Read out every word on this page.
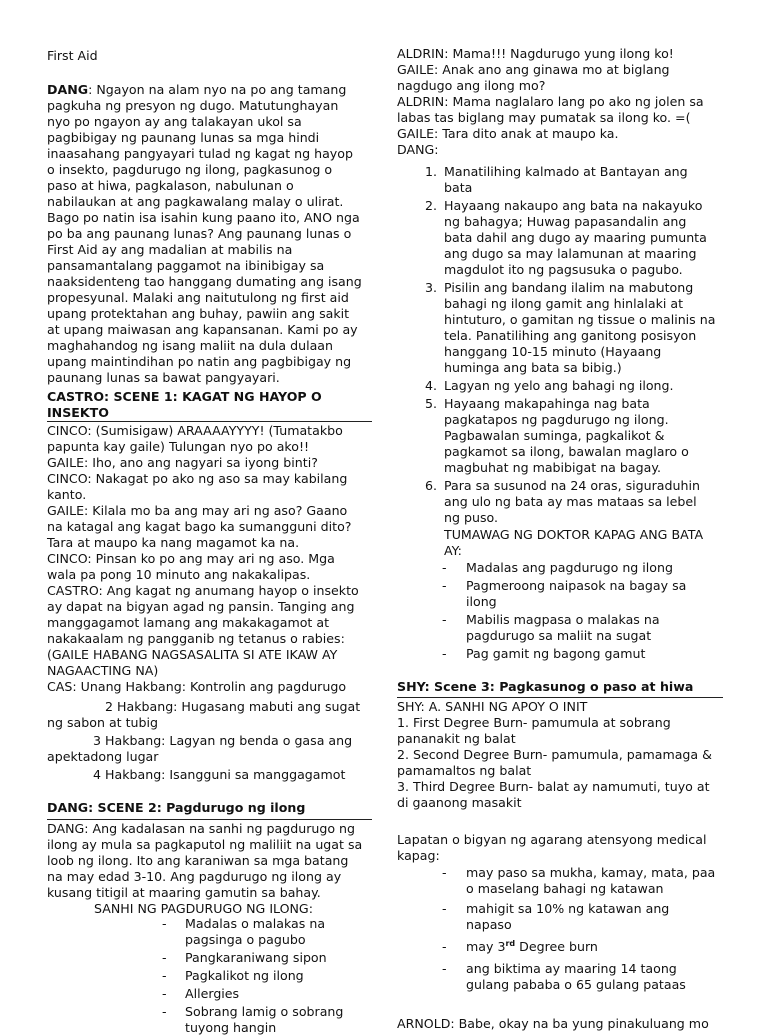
First Aid
DANG: Ngayon na alam nyo na po ang tamang
pagkuha ng presyon ng dugo. Matutunghayan
nyo po ngayon ay ang talakayan ukol sa
pagbibigay ng paunang lunas sa mga hindi
inaasahang pangyayari tulad ng kagat ng hayop
o insekto, pagdurugo ng ilong, pagkasunog o
paso at hiwa, pagkalason, nabulunan o
nabilaukan at ang pagkawalang malay o ulirat.
Bago po natin isa isahin kung paano ito, ANO nga
po ba ang paunang lunas? Ang paunang lunas o
First Aid ay ang madalian at mabilis na
pansamantalang paggamot na ibinibigay sa
naaksidenteng tao hanggang dumating ang isang
propesyunal. Malaki ang naitutulong ng first aid
upang protektahan ang buhay, pawiin ang sakit
at upang maiwasan ang kapansanan. Kami po ay
maghahandog ng isang maliit na dula dulaan
upang maintindihan po natin ang pagbibigay ng
paunang lunas sa bawat pangyayari.
CASTRO: SCENE 1: KAGAT NG HAYOP O
INSEKTO
CINCO: (Sumisigaw) ARAAAAYYYY! (Tumatakbo
papunta kay gaile) Tulungan nyo po ako!!
GAILE: Iho, ano ang nagyari sa iyong binti?
CINCO: Nakagat po ako ng aso sa may kabilang
kanto.
GAILE: Kilala mo ba ang may ari ng aso? Gaano
na katagal ang kagat bago ka sumangguni dito?
Tara at maupo ka nang magamot ka na.
CINCO: Pinsan ko po ang may ari ng aso. Mga
wala pa pong 10 minuto ang nakakalipas.
CASTRO: Ang kagat ng anumang hayop o insekto
ay dapat na bigyan agad ng pansin. Tanging ang
manggagamot lamang ang makakagamot at
nakakaalam ng pangganib ng tetanus o rabies:
(GAILE HABANG NAGSASALITA SI ATE IKAW AY
NAGAACTING NA)
CAS: Unang Hakbang: Kontrolin ang pagdurugo
2 Hakbang: Hugasang mabuti ang sugat
ng sabon at tubig
3 Hakbang: Lagyan ng benda o gasa ang
apektadong lugar
4 Hakbang: Isangguni sa manggagamot
DANG: SCENE 2: Pagdurugo ng ilong
DANG: Ang kadalasan na sanhi ng pagdurugo ng
ilong ay mula sa pagkaputol ng maliliit na ugat sa
loob ng ilong. Ito ang karaniwan sa mga batang
na may edad 3-10. Ang pagdurugo ng ilong ay
kusang titigil at maaring gamutin sa bahay.
SANHI NG PAGDURUGO NG ILONG:
-	Madalas o malakas na
pagsinga o pagubo
-	Pangkaraniwang sipon
-	Pagkalikot ng ilong
-	Allergies
-	Sobrang lamig o sobrang
tuyong hangin
ALDRIN: Mama!!! Nagdurugo yung ilong ko!
GAILE: Anak ano ang ginawa mo at biglang
nagdugo ang ilong mo?
ALDRIN: Mama naglalaro lang po ako ng jolen sa
labas tas biglang may pumatak sa ilong ko. =(
GAILE: Tara dito anak at maupo ka.
DANG:
1. Manatilihing kalmado at Bantayan ang
bata
2. Hayaang nakaupo ang bata na nakayuko
ng bahagya; Huwag papasandalin ang
bata dahil ang dugo ay maaring pumunta
ang dugo sa may lalamunan at maaring
magdulot ito ng pagsusuka o pagubo.
3. Pisilin ang bandang ilalim na mabutong
bahagi ng ilong gamit ang hinlalaki at
hintuturo, o gamitan ng tissue o malinis na
tela. Panatilihing ang ganitong posisyon
hanggang 10-15 minuto (Hayaang
huminga ang bata sa bibig.)
4. Lagyan ng yelo ang bahagi ng ilong.
5. Hayaang makapahinga nag bata
pagkatapos ng pagdurugo ng ilong.
Pagbawalan suminga, pagkalikot &
pagkamot sa ilong, bawalan maglaro o
magbuhat ng mabibigat na bagay.
6. Para sa susunod na 24 oras, siguraduhin
ang ulo ng bata ay mas mataas sa lebel
ng puso.
TUMAWAG NG DOKTOR KAPAG ANG BATA
AY:
-	Madalas ang pagdurugo ng ilong
-	Pagmeroong naipasok na bagay sa
ilong
-	Mabilis magpasa o malakas na
pagdurugo sa maliit na sugat
-	Pag gamit ng bagong gamut
SHY: Scene 3: Pagkasunog o paso at hiwa
SHY: A. SANHI NG APOY O INIT
1. First Degree Burn- pamumula at sobrang
pananakit ng balat
2. Second Degree Burn- pamumula, pamamaga &
pamamaltos ng balat
3. Third Degree Burn- balat ay namumuti, tuyo at
di gaanong masakit
Lapatan o bigyan ng agarang atensyong medical
kapag:
-	may paso sa mukha, kamay, mata, paa
o maselang bahagi ng katawan
-	mahigit sa 10% ng katawan ang
napaso
-	may 3rd Degree burn
-	ang biktima ay maaring 14 taong
gulang pababa o 65 gulang pataas
ARNOLD: Babe, okay na ba yung pinakuluang mo
